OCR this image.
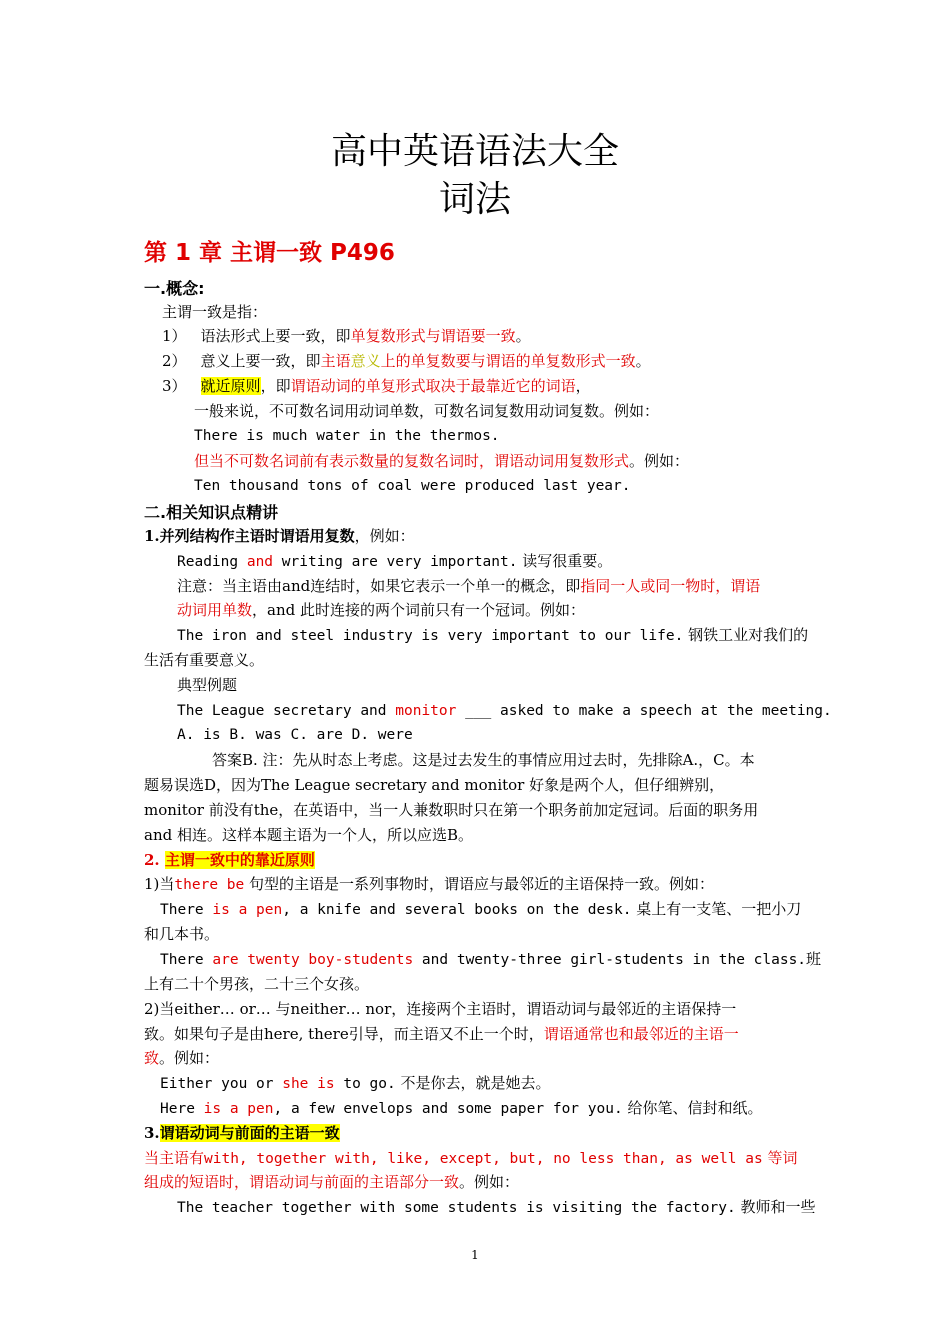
高中英语语法大全
词法
第 1 章 主谓一致 P496
一.概念:
主谓一致是指：
1） 语法形式上要一致，即单复数形式与谓语要一致。
2） 意义上要一致，即主语意义上的单复数要与谓语的单复数形式一致。
3） 就近原则，即谓语动词的单复形式取决于最靠近它的词语，
一般来说，不可数名词用动词单数，可数名词复数用动词复数。例如：
There is much water in the thermos.
但当不可数名词前有表示数量的复数名词时，谓语动词用复数形式。例如：
Ten thousand tons of coal were produced last year.
二.相关知识点精讲
1.并列结构作主语时谓语用复数，例如：
Reading and writing are very important. 读写很重要。
注意：当主语由and连结时，如果它表示一个单一的概念，即指同一人或同一物时，谓语
动词用单数，and 此时连接的两个词前只有一个冠词。例如：
The iron and steel industry is very important to our life. 钢铁工业对我们的
生活有重要意义。
典型例题
The League secretary and monitor ___ asked to make a speech at the meeting.
A. is B. was C. are D. were
答案B. 注：先从时态上考虑。这是过去发生的事情应用过去时，先排除A.，C。本
题易误选D，因为The League secretary and monitor 好象是两个人，但仔细辨别，
monitor 前没有the，在英语中，当一人兼数职时只在第一个职务前加定冠词。后面的职务用
and 相连。这样本题主语为一个人，所以应选B。
2. 主谓一致中的靠近原则
1)当there be 句型的主语是一系列事物时，谓语应与最邻近的主语保持一致。例如：
There is a pen, a knife and several books on the desk. 桌上有一支笔、一把小刀
和几本书。
There are twenty boy-students and twenty-three girl-students in the class.班
上有二十个男孩，二十三个女孩。
2)当either… or… 与neither… nor，连接两个主语时，谓语动词与最邻近的主语保持一
致。如果句子是由here, there引导，而主语又不止一个时，谓语通常也和最邻近的主语一
致。例如：
Either you or she is to go. 不是你去，就是她去。
Here is a pen, a few envelops and some paper for you. 给你笔、信封和纸。
3.谓语动词与前面的主语一致
当主语有with, together with, like, except, but, no less than, as well as 等词
组成的短语时，谓语动词与前面的主语部分一致。例如：
The teacher together with some students is visiting the factory. 教师和一些
1
